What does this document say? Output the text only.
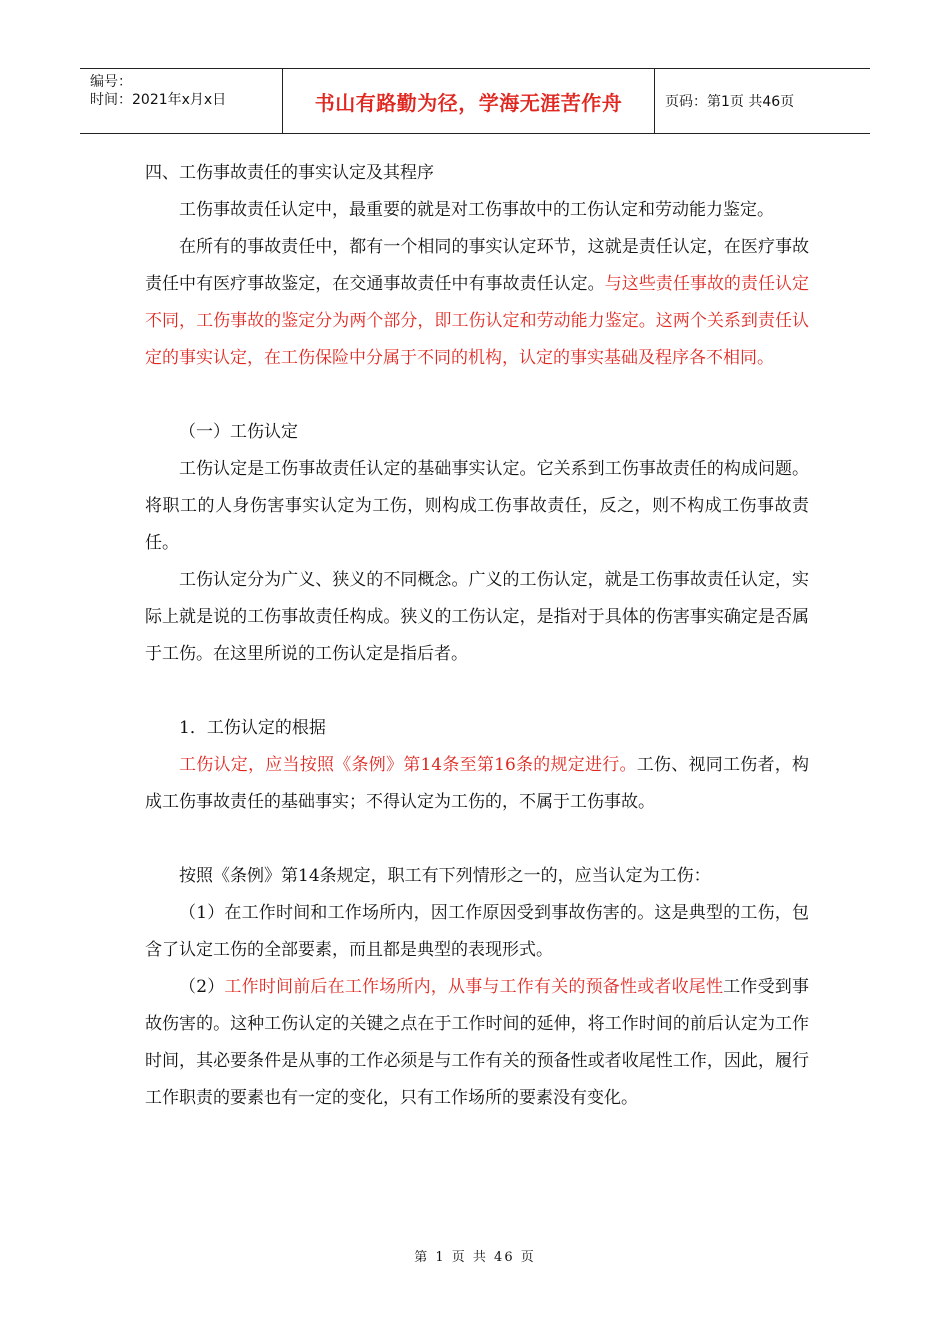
编号：
时间：2021年x月x日	书山有路勤为径，学海无涯苦作舟	页码：第1页 共46页

四、工伤事故责任的事实认定及其程序

工伤事故责任认定中，最重要的就是对工伤事故中的工伤认定和劳动能力鉴定。

在所有的事故责任中，都有一个相同的事实认定环节，这就是责任认定，在医疗事故责任中有医疗事故鉴定，在交通事故责任中有事故责任认定。与这些责任事故的责任认定不同，工伤事故的鉴定分为两个部分，即工伤认定和劳动能力鉴定。这两个关系到责任认定的事实认定，在工伤保险中分属于不同的机构，认定的事实基础及程序各不相同。

（一）工伤认定

工伤认定是工伤事故责任认定的基础事实认定。它关系到工伤事故责任的构成问题。将职工的人身伤害事实认定为工伤，则构成工伤事故责任，反之，则不构成工伤事故责任。

工伤认定分为广义、狭义的不同概念。广义的工伤认定，就是工伤事故责任认定，实际上就是说的工伤事故责任构成。狭义的工伤认定，是指对于具体的伤害事实确定是否属于工伤。在这里所说的工伤认定是指后者。

1．工伤认定的根据

工伤认定，应当按照《条例》第14条至第16条的规定进行。工伤、视同工伤者，构成工伤事故责任的基础事实；不得认定为工伤的，不属于工伤事故。

按照《条例》第14条规定，职工有下列情形之一的，应当认定为工伤：

（1）在工作时间和工作场所内，因工作原因受到事故伤害的。这是典型的工伤，包含了认定工伤的全部要素，而且都是典型的表现形式。

（2）工作时间前后在工作场所内，从事与工作有关的预备性或者收尾性工作受到事故伤害的。这种工伤认定的关键之点在于工作时间的延伸，将工作时间的前后认定为工作时间，其必要条件是从事的工作必须是与工作有关的预备性或者收尾性工作，因此，履行工作职责的要素也有一定的变化，只有工作场所的要素没有变化。

第 1 页 共 46 页
